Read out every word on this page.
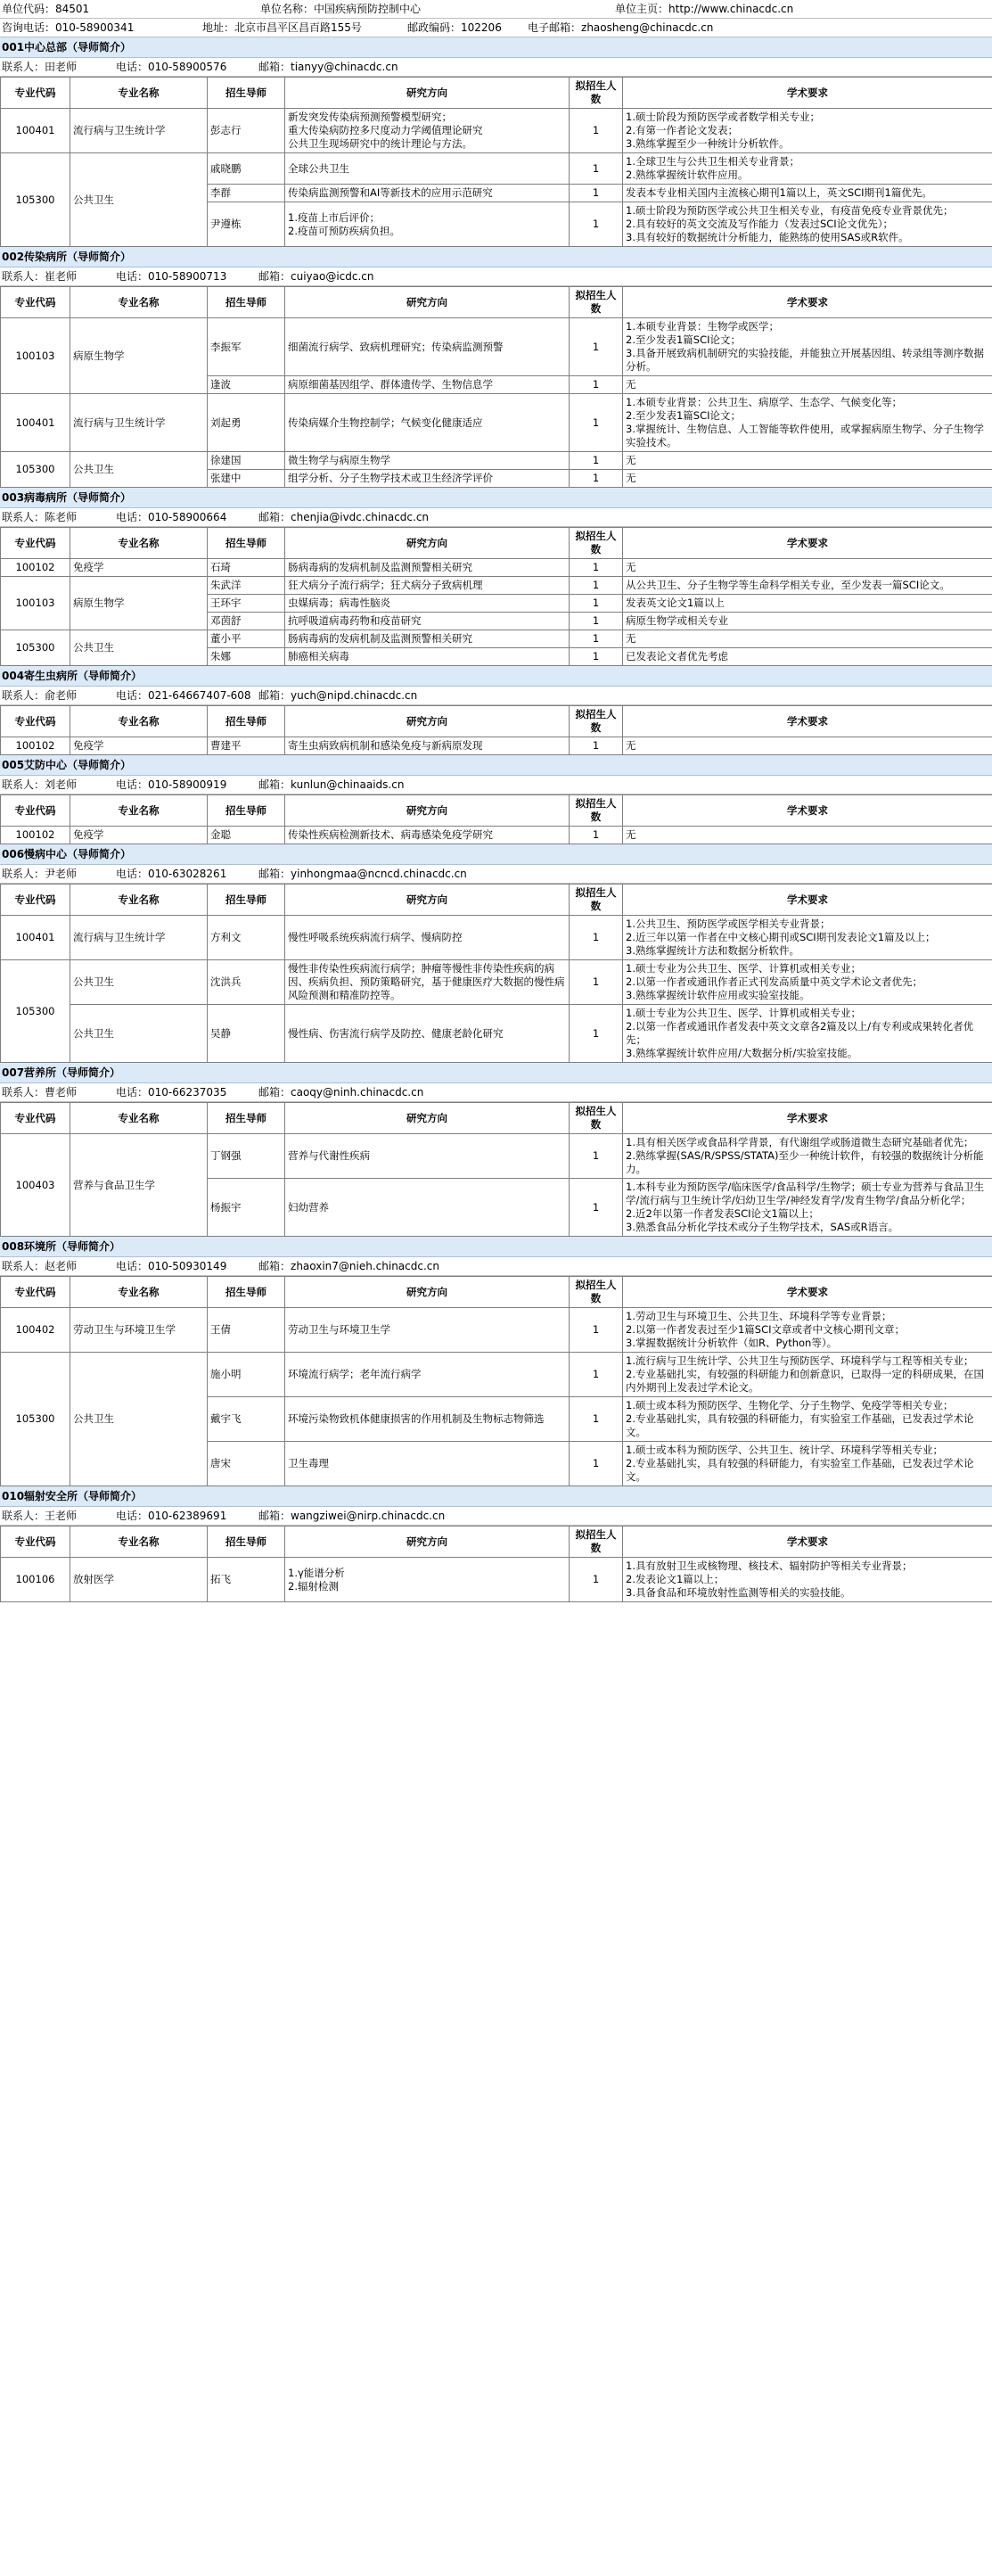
单位代码：84501	单位名称：中国疾病预防控制中心	单位主页：http://www.chinacdc.cn
咨询电话：010-58900341	地址：北京市昌平区昌百路155号	邮政编码：102206	电子邮箱：zhaosheng@chinacdc.cn
001中心总部（导师简介）
联系人：田老师	电话：010-58900576	邮箱：tianyy@chinacdc.cn
专业代码	专业名称	招生导师	研究方向	拟招生人数	学术要求
100401	流行病与卫生统计学	彭志行	新发突发传染病预测预警模型研究；
重大传染病防控多尺度动力学阈值理论研究
公共卫生现场研究中的统计理论与方法。	1	1.硕士阶段为预防医学或者数学相关专业；
2.有第一作者论文发表；
3.熟练掌握至少一种统计分析软件。
105300	公共卫生	戚晓鹏	全球公共卫生	1	1.全球卫生与公共卫生相关专业背景；
2.熟练掌握统计软件应用。
		李群	传染病监测预警和AI等新技术的应用示范研究	1	发表本专业相关国内主流核心期刊1篇以上，英文SCI期刊1篇优先。
		尹遵栋	1.疫苗上市后评价；
2.疫苗可预防疾病负担。	1	1.硕士阶段为预防医学或公共卫生相关专业，有疫苗免疫专业背景优先；
2.具有较好的英文交流及写作能力（发表过SCI论文优先）；
3.具有较好的数据统计分析能力，能熟练的使用SAS或R软件。
002传染病所（导师简介）
联系人：崔老师	电话：010-58900713	邮箱：cuiyao@icdc.cn
专业代码	专业名称	招生导师	研究方向	拟招生人数	学术要求
100103	病原生物学	李振军	细菌流行病学、致病机理研究；传染病监测预警	1	1.本硕专业背景：生物学或医学；
2.至少发表1篇SCI论文；
3.具备开展致病机制研究的实验技能，并能独立开展基因组、转录组等测序数据分析。
		逢波	病原细菌基因组学、群体遗传学、生物信息学	1	无
100401	流行病与卫生统计学	刘起勇	传染病媒介生物控制学；气候变化健康适应	1	1.本硕专业背景：公共卫生、病原学、生态学、气候变化等；
2.至少发表1篇SCI论文；
3.掌握统计、生物信息、人工智能等软件使用，或掌握病原生物学、分子生物学实验技术。
105300	公共卫生	徐建国	微生物学与病原生物学	1	无
		张建中	组学分析、分子生物学技术或卫生经济学评价	1	无
003病毒病所（导师简介）
联系人：陈老师	电话：010-58900664	邮箱：chenjia@ivdc.chinacdc.cn
专业代码	专业名称	招生导师	研究方向	拟招生人数	学术要求
100102	免疫学	石琦	肠病毒病的发病机制及监测预警相关研究	1	无
100103	病原生物学	朱武洋	狂犬病分子流行病学；狂犬病分子致病机理	1	从公共卫生、分子生物学等生命科学相关专业，至少发表一篇SCI论文。
		王环宇	虫媒病毒；病毒性脑炎	1	发表英文论文1篇以上
		邓茵舒	抗呼吸道病毒药物和疫苗研究	1	病原生物学或相关专业
105300	公共卫生	董小平	肠病毒病的发病机制及监测预警相关研究	1	无
		朱娜	肺癌相关病毒	1	已发表论文者优先考虑
004寄生虫病所（导师简介）
联系人：俞老师	电话：021-64667407-608 邮箱：yuch@nipd.chinacdc.cn
专业代码	专业名称	招生导师	研究方向	拟招生人数	学术要求
100102	免疫学	曹建平	寄生虫病致病机制和感染免疫与新病原发现	1	无
005艾防中心（导师简介）
联系人：刘老师	电话：010-58900919	邮箱：kunlun@chinaaids.cn
专业代码	专业名称	招生导师	研究方向	拟招生人数	学术要求
100102	免疫学	金聪	传染性疾病检测新技术、病毒感染免疫学研究	1	无
006慢病中心（导师简介）
联系人：尹老师	电话：010-63028261	邮箱：yinhongmaa@ncncd.chinacdc.cn
专业代码	专业名称	招生导师	研究方向	拟招生人数	学术要求
100401	流行病与卫生统计学	方利文	慢性呼吸系统疾病流行病学、慢病防控	1	1.公共卫生、预防医学或医学相关专业背景；
2.近三年以第一作者在中文核心期刊或SCI期刊发表论文1篇及以上；
3.熟练掌握统计方法和数据分析软件。
105300	公共卫生	沈洪兵	慢性非传染性疾病流行病学；肿瘤等慢性非传染性疾病的病因、疾病负担、预防策略研究，基于健康医疗大数据的慢性病风险预测和精准防控等。	1	1.硕士专业为公共卫生、医学、计算机或相关专业；
2.以第一作者或通讯作者正式刊发高质量中英文学术论文者优先；
3.熟练掌握统计软件应用或实验室技能。
	公共卫生	吴静	慢性病、伤害流行病学及防控、健康老龄化研究	1	1.硕士专业为公共卫生、医学、计算机或相关专业；
2.以第一作者或通讯作者发表中英文文章各2篇及以上/有专利或成果转化者优先；
3.熟练掌握统计软件应用/大数据分析/实验室技能。
007营养所（导师简介）
联系人：曹老师	电话：010-66237035	邮箱：caoqy@ninh.chinacdc.cn
专业代码	专业名称	招生导师	研究方向	拟招生人数	学术要求
100403	营养与食品卫生学	丁钢强	营养与代谢性疾病	1	1.具有相关医学或食品科学背景，有代谢组学或肠道微生态研究基础者优先；
2.熟练掌握(SAS/R/SPSS/STATA)至少一种统计软件，有较强的数据统计分析能力。
		杨振宇	妇幼营养	1	1.本科专业为预防医学/临床医学/食品科学/生物学；硕士专业为营养与食品卫生学/流行病与卫生统计学/妇幼卫生学/神经发育学/发育生物学/食品分析化学；
2.近2年以第一作者发表SCI论文1篇以上；
3.熟悉食品分析化学技术或分子生物学技术，SAS或R语言。
008环境所（导师简介）
联系人：赵老师	电话：010-50930149	邮箱：zhaoxin7@nieh.chinacdc.cn
专业代码	专业名称	招生导师	研究方向	拟招生人数	学术要求
100402	劳动卫生与环境卫生学	王倩	劳动卫生与环境卫生学	1	1.劳动卫生与环境卫生、公共卫生、环境科学等专业背景；
2.以第一作者发表过至少1篇SCI文章或者中文核心期刊文章；
3.掌握数据统计分析软件（如R、Python等）。
105300	公共卫生	施小明	环境流行病学；老年流行病学	1	1.流行病与卫生统计学、公共卫生与预防医学、环境科学与工程等相关专业；
2.专业基础扎实，有较强的科研能力和创新意识，已取得一定的科研成果，在国内外期刊上发表过学术论文。
		戴宇飞	环境污染物致机体健康损害的作用机制及生物标志物筛选	1	1.硕士或本科为预防医学、生物化学、分子生物学、免疫学等相关专业；
2.专业基础扎实，具有较强的科研能力，有实验室工作基础，已发表过学术论文。
		唐宋	卫生毒理	1	1.硕士或本科为预防医学、公共卫生、统计学、环境科学等相关专业；
2.专业基础扎实，具有较强的科研能力，有实验室工作基础，已发表过学术论文。
010辐射安全所（导师简介）
联系人：王老师	电话：010-62389691	邮箱：wangziwei@nirp.chinacdc.cn
专业代码	专业名称	招生导师	研究方向	拟招生人数	学术要求
100106	放射医学	拓飞	1.γ能谱分析
2.辐射检测	1	1.具有放射卫生或核物理、核技术、辐射防护等相关专业背景；
2.发表论文1篇以上；
3.具备食品和环境放射性监测等相关的实验技能。
